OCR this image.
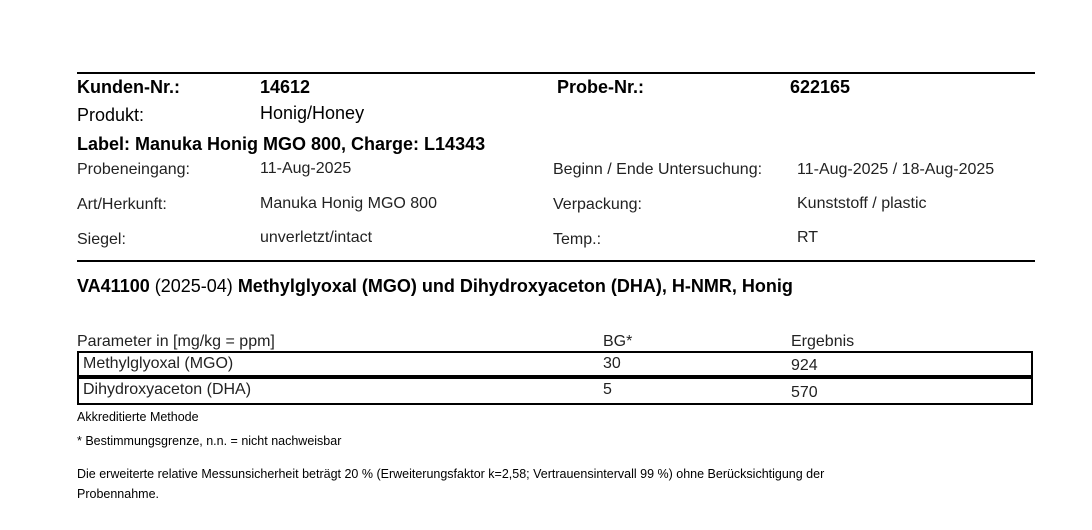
Kunden-Nr.:	14612	Probe-Nr.:	622165
Produkt:	Honig/Honey
Label: Manuka Honig MGO 800, Charge: L14343
Probeneingang:	11-Aug-2025	Beginn / Ende Untersuchung: 11-Aug-2025 / 18-Aug-2025
Art/Herkunft:	Manuka Honig MGO 800	Verpackung:	Kunststoff / plastic
Siegel:	unverletzt/intact	Temp.:	RT
VA41100 (2025-04) Methylglyoxal (MGO) und Dihydroxyaceton (DHA), H-NMR, Honig
Parameter in [mg/kg = ppm]	BG*	Ergebnis
Methylglyoxal (MGO)	30	924
Dihydroxyaceton (DHA)	5	570
Akkreditierte Methode
* Bestimmungsgrenze, n.n. = nicht nachweisbar
Die erweiterte relative Messunsicherheit beträgt 20 % (Erweiterungsfaktor k=2,58; Vertrauensintervall 99 %) ohne Berücksichtigung der
Probennahme.
